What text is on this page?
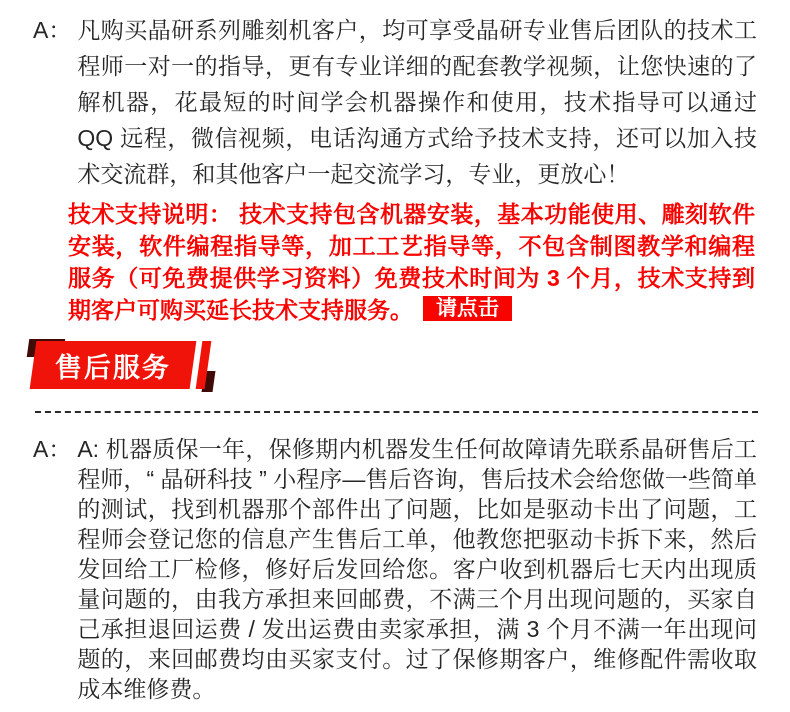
A： 凡购买晶研系列雕刻机客户，均可享受晶研专业售后团队的技术工程师一对一的指导，更有专业详细的配套教学视频，让您快速的了解机器，花最短的时间学会机器操作和使用，技术指导可以通过 QQ 远程，微信视频，电话沟通方式给予技术支持，还可以加入技术交流群，和其他客户一起交流学习，专业，更放心！

技术支持说明： 技术支持包含机器安装，基本功能使用、雕刻软件安装，软件编程指导等，加工工艺指导等，不包含制图教学和编程服务（可免费提供学习资料）免费技术时间为 3 个月，技术支持到期客户可购买延长技术支持服务。 请点击
售后服务
A： A: 机器质保一年，保修期内机器发生任何故障请先联系晶研售后工程师，“ 晶研科技 ” 小程序—售后咨询，售后技术会给您做一些简单的测试，找到机器那个部件出了问题，比如是驱动卡出了问题，工程师会登记您的信息产生售后工单，他教您把驱动卡拆下来，然后发回给工厂检修，修好后发回给您。客户收到机器后七天内出现质量问题的，由我方承担来回邮费，不满三个月出现问题的，买家自己承担退回运费 / 发出运费由卖家承担，满 3 个月不满一年出现问题的，来回邮费均由买家支付。过了保修期客户，维修配件需收取成本维修费。
